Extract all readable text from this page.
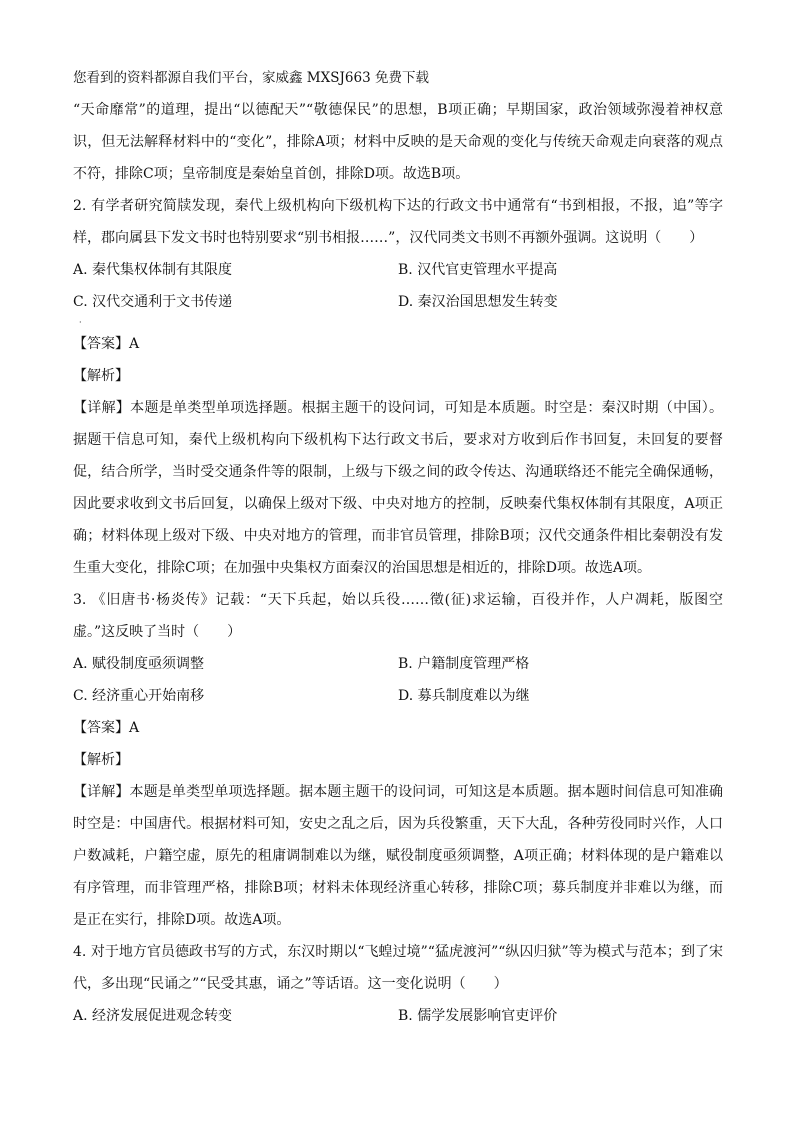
您看到的资料都源自我们平台，家威鑫 MXSJ663 免费下载

“天命靡常”的道理，提出“以德配天”“敬德保民”的思想，B项正确；早期国家，政治领域弥漫着神权意识，但无法解释材料中的“变化”，排除A项；材料中反映的是天命观的变化与传统天命观走向衰落的观点不符，排除C项；皇帝制度是秦始皇首创，排除D项。故选B项。

2. 有学者研究简牍发现，秦代上级机构向下级机构下达的行政文书中通常有“书到相报，不报，追”等字样，郡向属县下发文书时也特别要求“别书相报……”，汉代同类文书则不再额外强调。这说明（　　）

A. 秦代集权体制有其限度	B. 汉代官吏管理水平提高
C. 汉代交通利于文书传递	D. 秦汉治国思想发生转变
·
【答案】A
【解析】

【详解】本题是单类型单项选择题。根据主题干的设问词，可知是本质题。时空是：秦汉时期（中国）。据题干信息可知，秦代上级机构向下级机构下达行政文书后，要求对方收到后作书回复，未回复的要督促，结合所学，当时受交通条件等的限制，上级与下级之间的政令传达、沟通联络还不能完全确保通畅，因此要求收到文书后回复，以确保上级对下级、中央对地方的控制，反映秦代集权体制有其限度，A项正确；材料体现上级对下级、中央对地方的管理，而非官员管理，排除B项；汉代交通条件相比秦朝没有发生重大变化，排除C项；在加强中央集权方面秦汉的治国思想是相近的，排除D项。故选A项。

3. 《旧唐书·杨炎传》记载：“天下兵起，始以兵役……徵(征)求运输，百役并作，人户凋耗，版图空虚。”这反映了当时（　　）

A. 赋役制度亟须调整	B. 户籍制度管理严格
C. 经济重心开始南移	D. 募兵制度难以为继
【答案】A
【解析】

【详解】本题是单类型单项选择题。据本题主题干的设问词，可知这是本质题。据本题时间信息可知准确时空是：中国唐代。根据材料可知，安史之乱之后，因为兵役繁重，天下大乱，各种劳役同时兴作，人口户数减耗，户籍空虚，原先的租庸调制难以为继，赋役制度亟须调整，A项正确；材料体现的是户籍难以有序管理，而非管理严格，排除B项；材料未体现经济重心转移，排除C项；募兵制度并非难以为继，而是正在实行，排除D项。故选A项。

4. 对于地方官员德政书写的方式，东汉时期以“飞蝗过境”“猛虎渡河”“纵囚归狱”等为模式与范本；到了宋代，多出现“民诵之”“民受其惠，诵之”等话语。这一变化说明（　　）

A. 经济发展促进观念转变	B. 儒学发展影响官吏评价
